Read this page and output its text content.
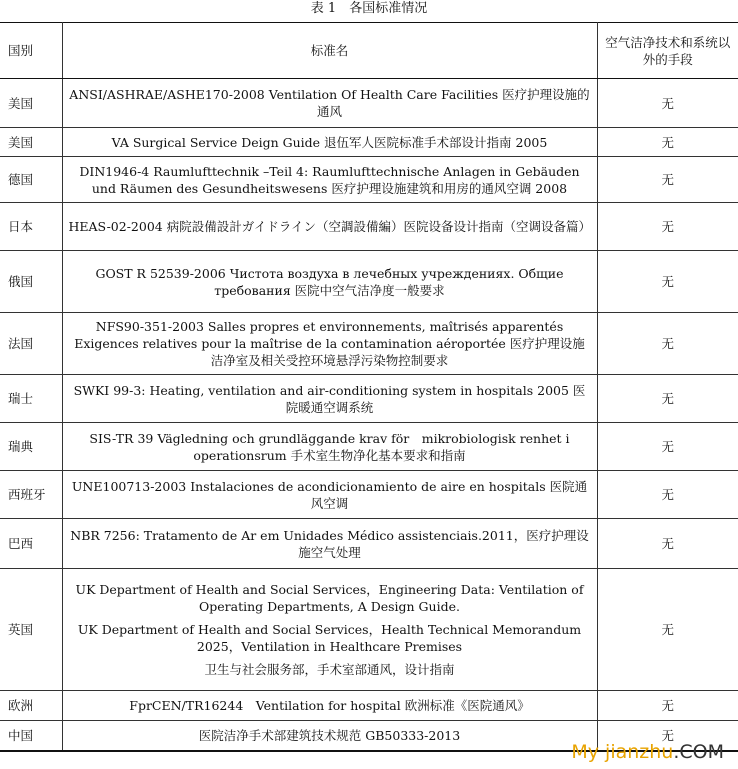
表 1　各国标准情况
国别	标准名	空气洁净技术和系统以外的手段
美国	ANSI/ASHRAE/ASHE170-2008 Ventilation Of Health Care Facilities 医疗护理设施的通风	无
美国	VA Surgical Service Deign Guide 退伍军人医院标准手术部设计指南 2005	无
德国	DIN1946-4 Raumlufttechnik –Teil 4: Raumlufttechnische Anlagen in Gebäuden und Räumen des Gesundheitswesens 医疗护理设施建筑和用房的通风空调 2008	无
日本	HEAS-02-2004 病院設備設計ガイドライン（空調設備編）医院设备设计指南（空调设备篇）	无
俄国	GOST R 52539-2006 Чистота воздуха в лечебных учреждениях. Общие требования 医院中空气洁净度一般要求	无
法国	NFS90-351-2003 Salles propres et environnements, maîtrisés apparentés Exigences relatives pour la maîtrise de la contamination aéroportée 医疗护理设施洁净室及相关受控环境悬浮污染物控制要求	无
瑞士	SWKI 99-3: Heating, ventilation and air-conditioning system in hospitals 2005 医院暖通空调系统	无
瑞典	SIS-TR 39 Vägledning och grundläggande krav för　mikrobiologisk renhet i operationsrum 手术室生物净化基本要求和指南	无
西班牙	UNE100713-2003 Instalaciones de acondicionamiento de aire en hospitals 医院通风空调	无
巴西	NBR 7256: Tratamento de Ar em Unidades Médico assistenciais.2011，医疗护理设施空气处理	无
英国	UK Department of Health and Social Services，Engineering Data: Ventilation of Operating Departments, A Design Guide.
UK Department of Health and Social Services，Health Technical Memorandum 2025，Ventilation in Healthcare Premises
卫生与社会服务部，手术室部通风，设计指南	无
欧洲	FprCEN/TR16244　Ventilation for hospital 欧洲标准《医院通风》	无
中国	医院洁净手术部建筑技术规范 GB50333-2013	无
My jianzhu.COM
